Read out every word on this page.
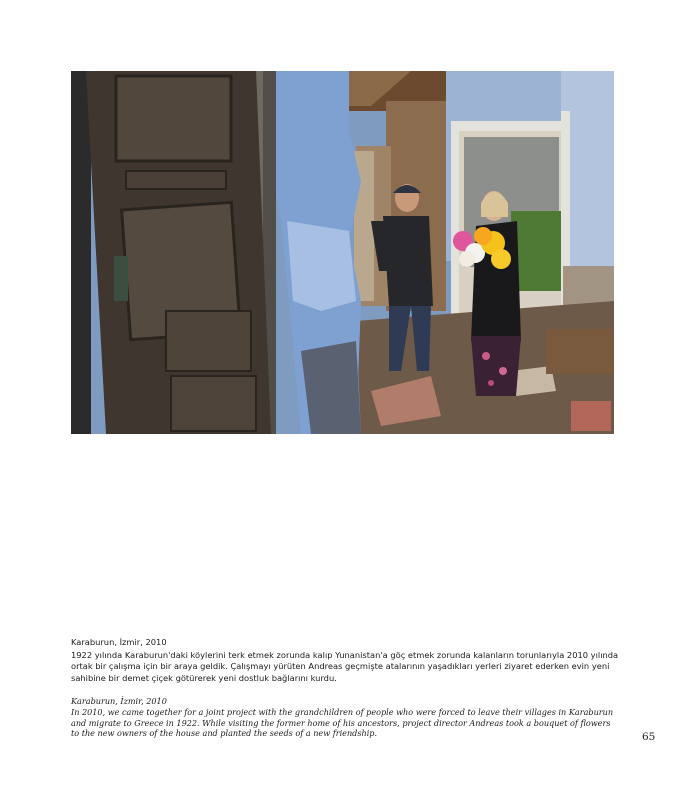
Karaburun, İzmir, 2010

1922 yılında Karaburun'daki köylerini terk etmek zorunda kalıp Yunanistan'a göç etmek zorunda kalanların torunlarıyla 2010 yılında ortak bir çalışma için bir araya geldik. Çalışmayı yürüten Andreas geçmişte atalarının yaşadıkları yerleri ziyaret ederken evin yeni sahibine bir demet çiçek götürerek yeni dostluk bağlarını kurdu.

Karaburun, İzmir, 2010

In 2010, we came together for a joint project with the grandchildren of people who were forced to leave their villages in Karaburun and migrate to Greece in 1922. While visiting the former home of his ancestors, project director Andreas took a bouquet of flowers to the new owners of the house and planted the seeds of a new friendship.	65
